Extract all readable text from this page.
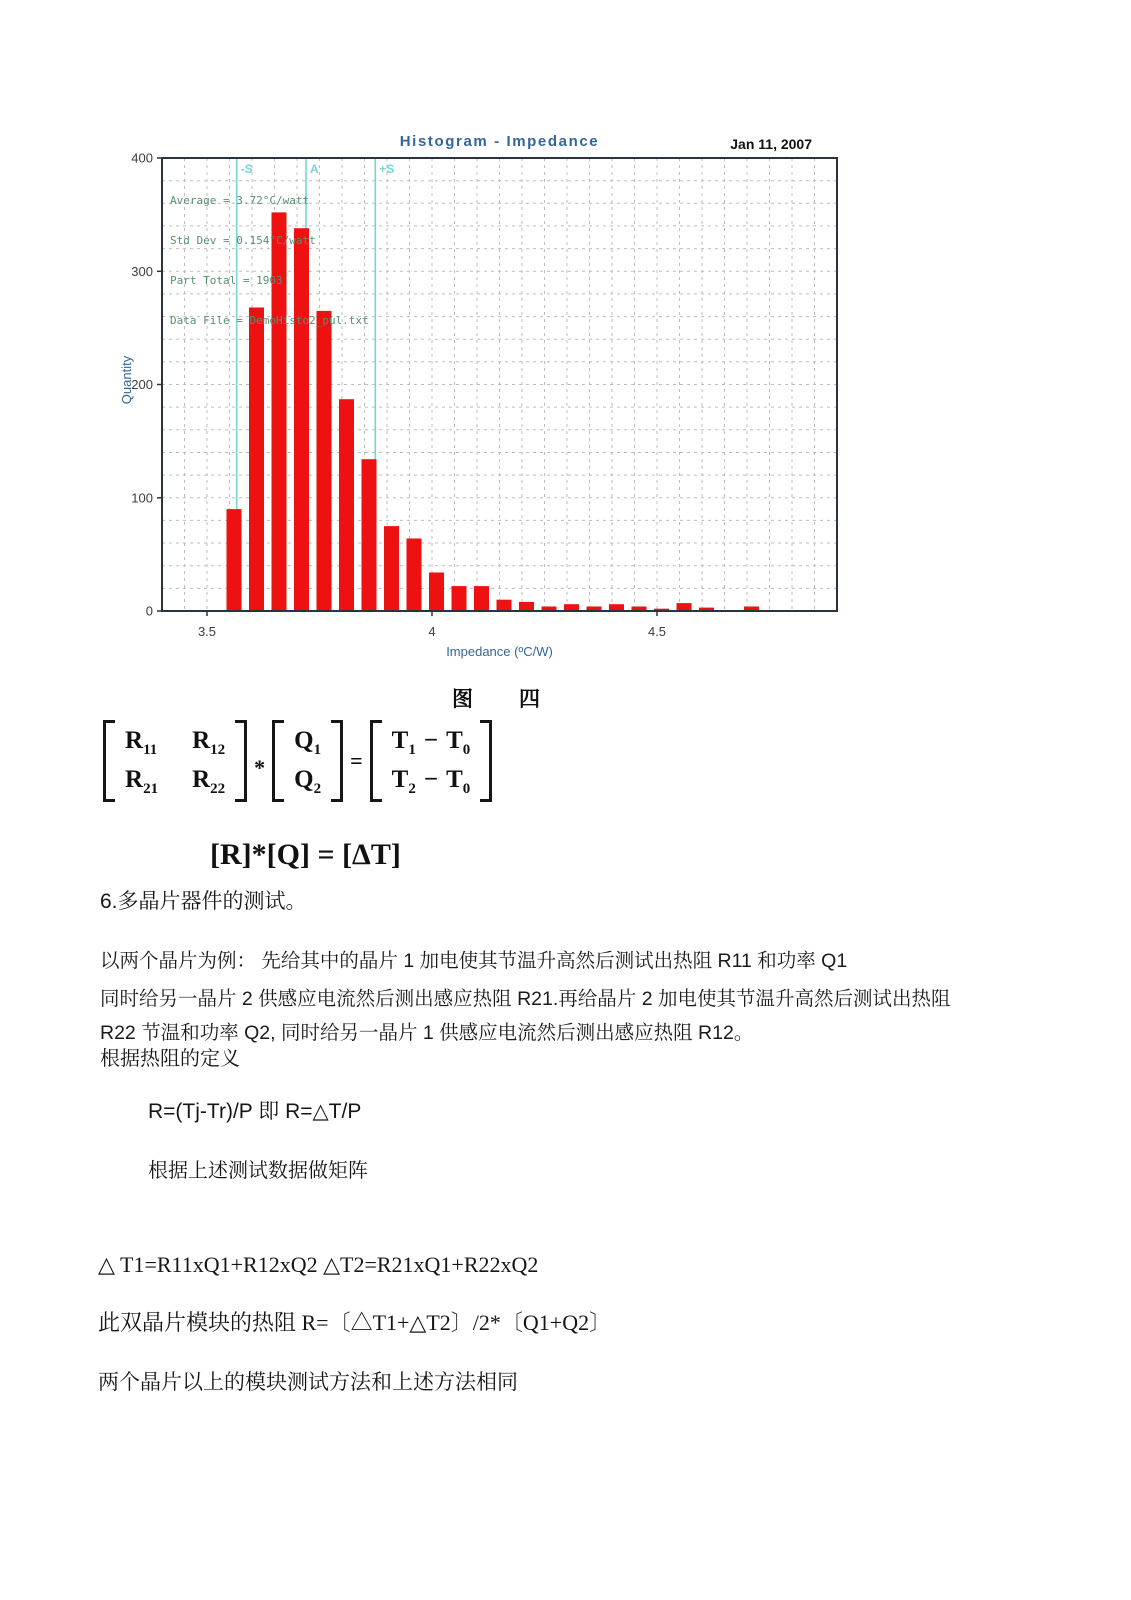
-S	A	+S
0
100
200
300
400
3.5	4	4.5
Histogram - Impedance	Jan 11, 2007

Average = 3.72°C/watt

Std Dev = 0.154°C/watt

Part Total = 1903

Data File = DemoHisto2_pul.txt

Quantity
Impedance (ºC/W)
图 四
$R_{11}$ $R_{12}$
$R_{21}$ $R_{22}$
*
$Q_1$
$Q_2$
=
$T_1 - T_0$
$T_2 - T_0$
[R]*[Q] = [ΔT]
6.多晶片器件的测试。
以两个晶片为例： 先给其中的晶片 1 加电使其节温升高然后测试出热阻 R11 和功率 Q1
同时给另一晶片 2 供感应电流然后测出感应热阻 R21.再给晶片 2 加电使其节温升高然后测试出热阻
R22 节温和功率 Q2, 同时给另一晶片 1 供感应电流然后测出感应热阻 R12。
根据热阻的定义
R=(Tj-Tr)/P 即 R=△T/P
根据上述测试数据做矩阵
△ T1=R11xQ1+R12xQ2 △T2=R21xQ1+R22xQ2
此双晶片模块的热阻 R=〔△T1+△T2〕/2*〔Q1+Q2〕
两个晶片以上的模块测试方法和上述方法相同
